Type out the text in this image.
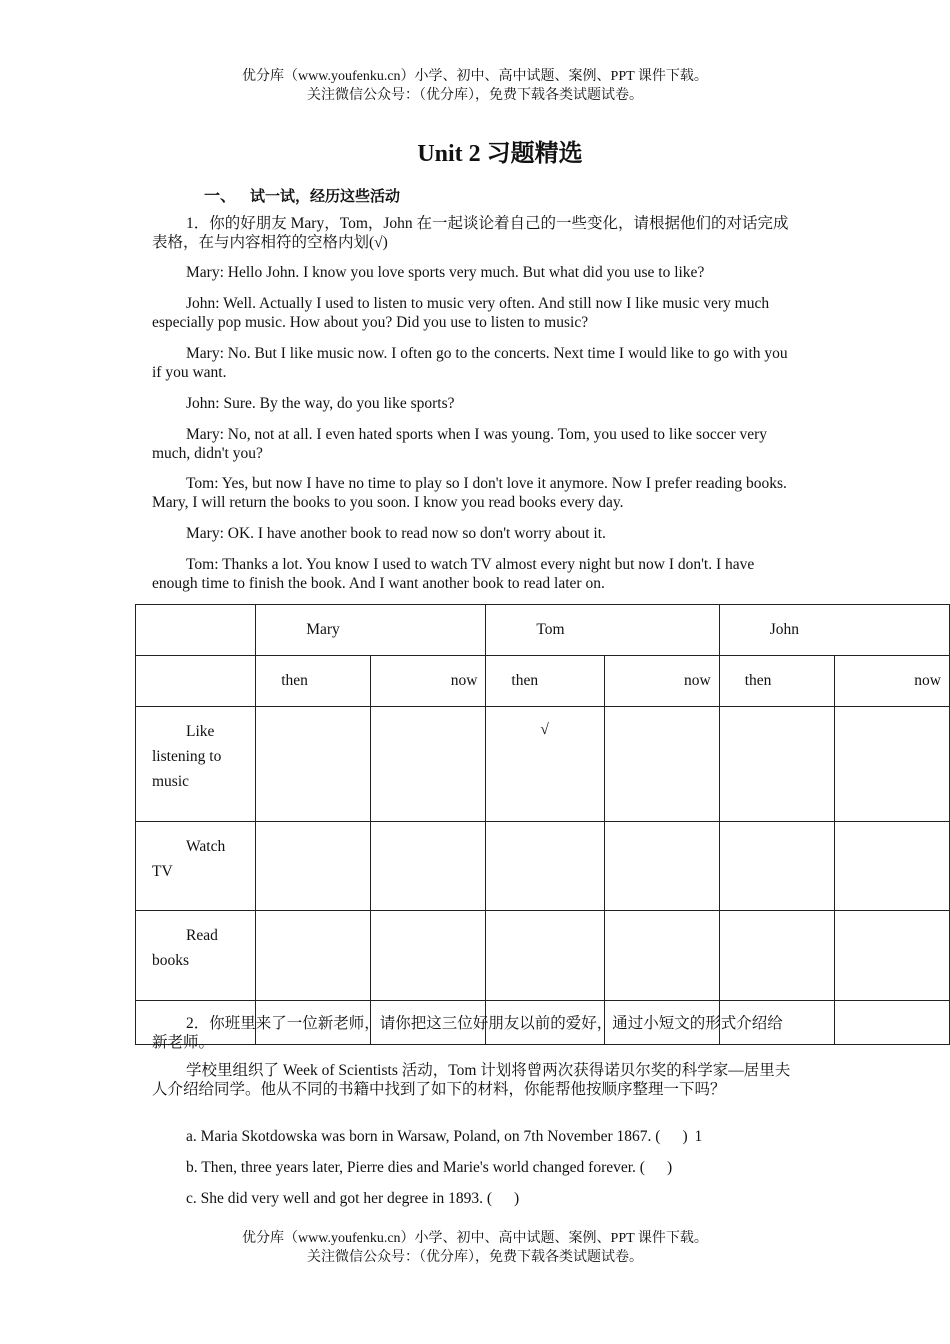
优分库（www.youfenku.cn）小学、初中、高中试题、案例、PPT 课件下载。
关注微信公众号：（优分库），免费下载各类试题试卷。
Unit 2 习题精选
一、 试一试，经历这些活动

1．你的好朋友 Mary，Tom，John 在一起谈论着自己的一些变化，请根据他们的对话完成表格，在与内容相符的空格内划(√)

Mary: Hello John. I know you love sports very much. But what did you use to like?

John: Well. Actually I used to listen to music very often. And still now I like music very much especially pop music. How about you? Did you use to listen to music?

Mary: No. But I like music now. I often go to the concerts. Next time I would like to go with you if you want.

John: Sure. By the way, do you like sports?

Mary: No, not at all. I even hated sports when I was young. Tom, you used to like soccer very much, didn't you?

Tom: Yes, but now I have no time to play so I don't love it anymore. Now I prefer reading books. Mary, I will return the books to you soon. I know you read books every day.

Mary: OK. I have another book to read now so don't worry about it.

Tom: Thanks a lot. You know I used to watch TV almost every night but now I don't. I have enough time to finish the book. And I want another book to read later on.

	Mary		Tom		John	
	then	now	then	now	then	now

Like
listening to
music			√			

Watch
TV						

Read
books						

2．你班里来了一位新老师，请你把这三位好朋友以前的爱好，通过小短文的形式介绍给新老师。

学校里组织了 Week of Scientists 活动，Tom 计划将曾两次获得诺贝尔奖的科学家—居里夫人介绍给同学。他从不同的书籍中找到了如下的材料，你能帮他按顺序整理一下吗？

a. Maria Skotdowska was born in Warsaw, Poland, on 7th November 1867. ( 1)

b. Then, three years later, Pierre dies and Marie's world changed forever. ( )

c. She did very well and got her degree in 1893. ( )

优分库（www.youfenku.cn）小学、初中、高中试题、案例、PPT 课件下载。
关注微信公众号：（优分库），免费下载各类试题试卷。
